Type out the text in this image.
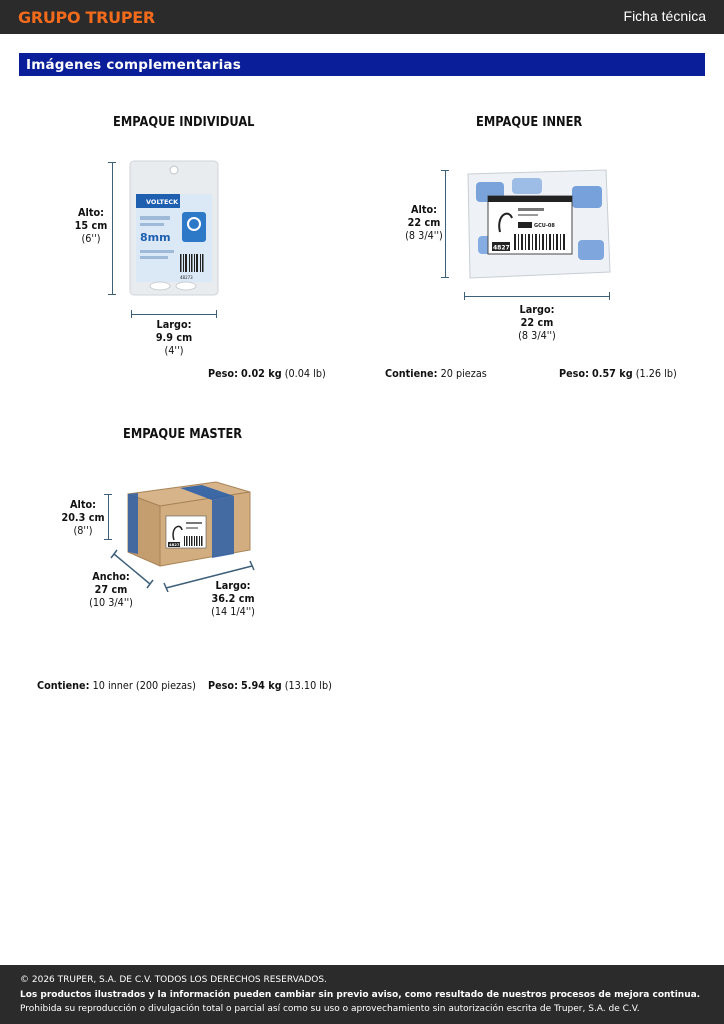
GRUPO TRUPER	Ficha técnica
Imágenes complementarias
EMPAQUE INDIVIDUAL
Alto:
15 cm
(6'')
VOLTECK
8mm
48273
Largo:
9.9 cm
(4'')
Peso: 0.02 kg (0.04 lb)
EMPAQUE INNER
Alto:
22 cm
(8 3/4'')
GCU-08
48273
Largo:
22 cm
(8 3/4'')
Contiene: 20 piezas	Peso: 0.57 kg (1.26 lb)
EMPAQUE MASTER
Alto:
20.3 cm
(8'')
48273
Ancho:
27 cm
(10 3/4'')
Largo:
36.2 cm
(14 1/4'')
Contiene: 10 inner (200 piezas) Peso: 5.94 kg (13.10 lb)
© 2026 TRUPER, S.A. DE C.V. TODOS LOS DERECHOS RESERVADOS.
Los productos ilustrados y la información pueden cambiar sin previo aviso, como resultado de nuestros procesos de mejora continua.
Prohibida su reproducción o divulgación total o parcial así como su uso o aprovechamiento sin autorización escrita de Truper, S.A. de C.V.
